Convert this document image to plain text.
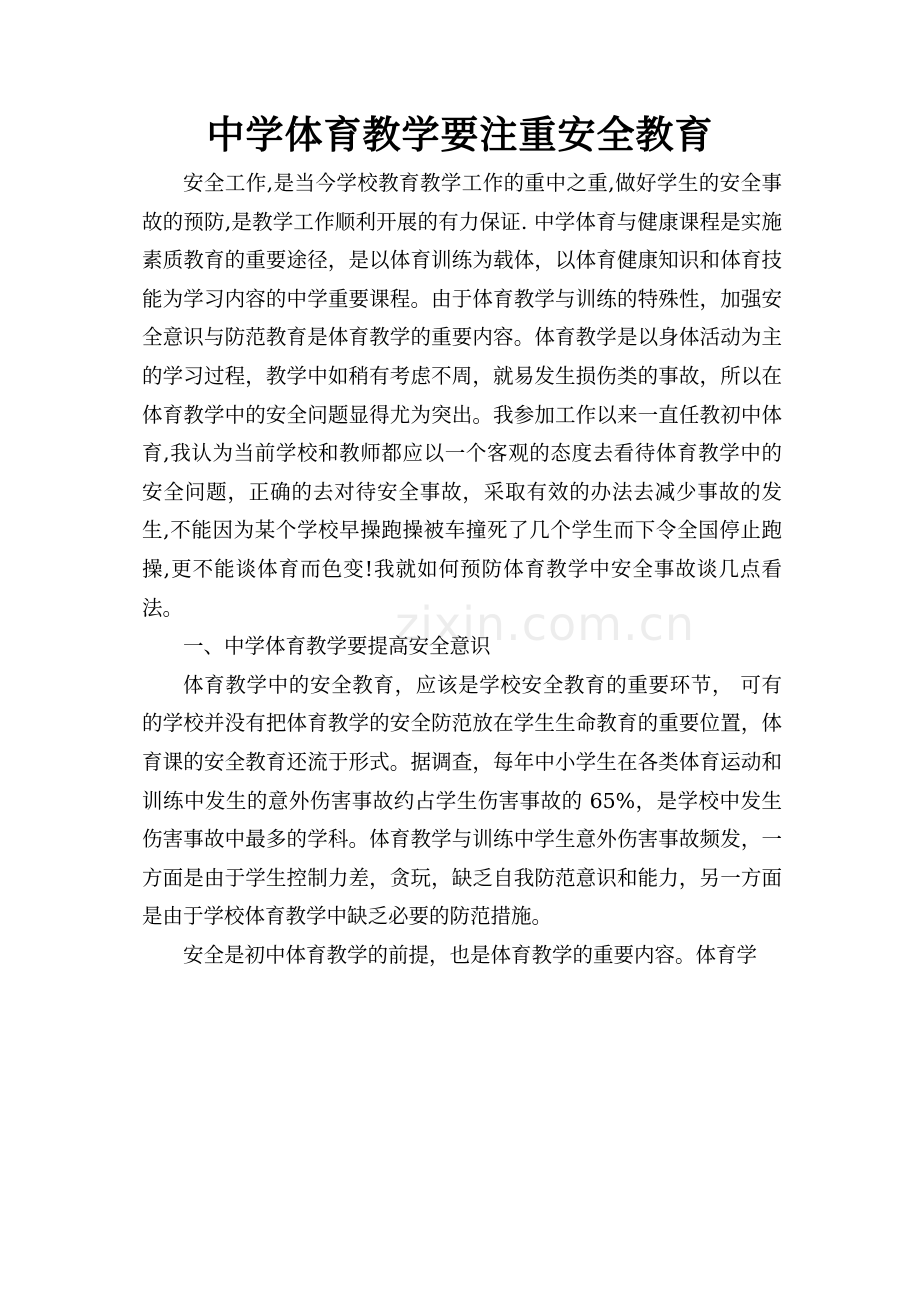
中学体育教学要注重安全教育

安全工作,是当今学校教育教学工作的重中之重,做好学生的安全事故的预防,是教学工作顺利开展的有力保证. 中学体育与健康课程是实施素质教育的重要途径，是以体育训练为载体，以体育健康知识和体育技能为学习内容的中学重要课程。由于体育教学与训练的特殊性，加强安全意识与防范教育是体育教学的重要内容。体育教学是以身体活动为主的学习过程，教学中如稍有考虑不周，就易发生损伤类的事故，所以在体育教学中的安全问题显得尤为突出。我参加工作以来一直任教初中体育,我认为当前学校和教师都应以一个客观的态度去看待体育教学中的安全问题，正确的去对待安全事故，采取有效的办法去减少事故的发生,不能因为某个学校早操跑操被车撞死了几个学生而下令全国停止跑操,更不能谈体育而色变!我就如何预防体育教学中安全事故谈几点看法。

一、中学体育教学要提高安全意识

体育教学中的安全教育，应该是学校安全教育的重要环节， 可有的学校并没有把体育教学的安全防范放在学生生命教育的重要位置，体育课的安全教育还流于形式。据调查，每年中小学生在各类体育运动和训练中发生的意外伤害事故约占学生伤害事故的 65%，是学校中发生伤害事故中最多的学科。体育教学与训练中学生意外伤害事故频发，一方面是由于学生控制力差，贪玩，缺乏自我防范意识和能力，另一方面是由于学校体育教学中缺乏必要的防范措施。

安全是初中体育教学的前提，也是体育教学的重要内容。体育学

zixin.com.cn
